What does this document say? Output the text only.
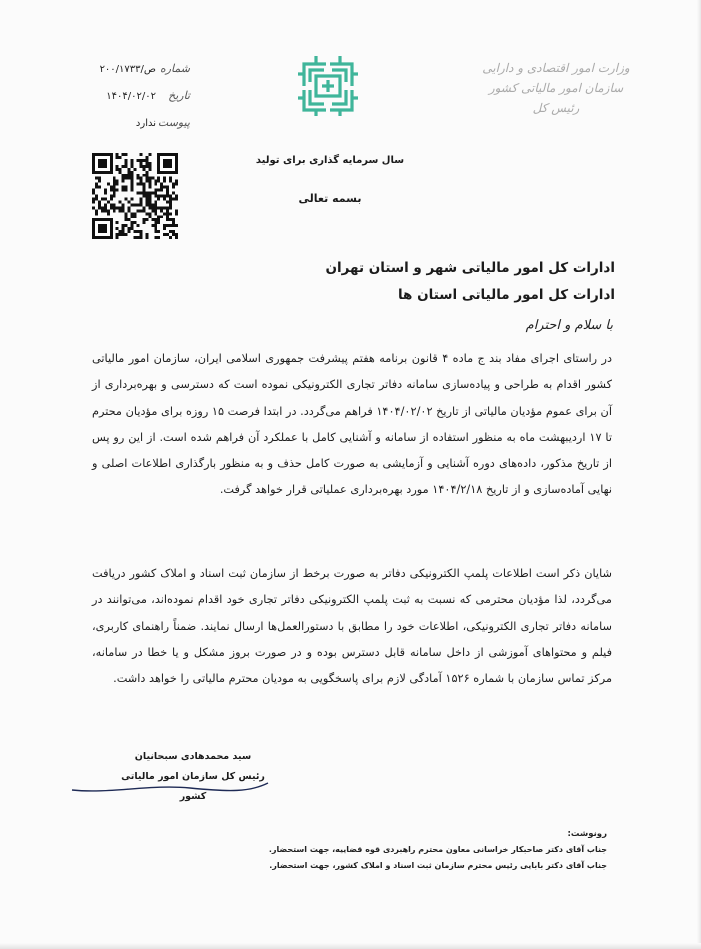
وزارت امور اقتصادی و دارایی
سازمان امور مالیاتی کشور
رئیس کل
سال سرمایه گذاری برای تولید
بسمه تعالی
شماره
۲۰۰/۱۷۳۳/ص
تاریخ
۱۴۰۴/۰۲/۰۲
پیوست
ندارد
ادارات کل امور مالیاتی شهر و استان تهران
ادارات کل امور مالیاتی استان ها
با سلام و احترام
در راستای اجرای مفاد بند ج ماده ۴ قانون برنامه هفتم پیشرفت جمهوری اسلامی ایران، سازمان امور مالیاتی کشور اقدام به طراحی و پیاده‌سازی سامانه دفاتر تجاری الکترونیکی نموده است که دسترسی و بهره‌برداری از آن برای عموم مؤدیان مالیاتی از تاریخ ۱۴۰۴/۰۲/۰۲ فراهم می‌گردد. در ابتدا فرصت ۱۵ روزه برای مؤدیان محترم تا ۱۷ اردیبهشت ماه به منظور استفاده از سامانه و آشنایی کامل با عملکرد آن فراهم شده است. از این رو پس از تاریخ مذکور، داده‌های دوره آشنایی و آزمایشی به صورت کامل حذف و به منظور بارگذاری اطلاعات اصلی و نهایی آماده‌سازی و از تاریخ ۱۴۰۴/۲/۱۸ مورد بهره‌برداری عملیاتی قرار خواهد گرفت.
شایان ذکر است اطلاعات پلمپ الکترونیکی دفاتر به صورت برخط از سازمان ثبت اسناد و املاک کشور دریافت می‌گردد، لذا مؤدیان محترمی که نسبت به ثبت پلمپ الکترونیکی دفاتر تجاری خود اقدام نموده‌اند، می‌توانند در سامانه دفاتر تجاری الکترونیکی، اطلاعات خود را مطابق با دستورالعمل‌ها ارسال نمایند. ضمناً راهنمای کاربری، فیلم و محتواهای آموزشی از داخل سامانه قابل دسترس بوده و در صورت بروز مشکل و یا خطا در سامانه، مرکز تماس سازمان با شماره ۱۵۲۶ آمادگی لازم برای پاسخگویی به مودیان محترم مالیاتی را خواهد داشت.
سید محمدهادی سبحانیان
رئیس کل سازمان امور مالیاتی کشور
رونوشت:
جناب آقای دکتر صاحبکار خراسانی معاون محترم راهبردی قوه قضاییه، جهت استحضار.
جناب آقای دکتر بابایی رئیس محترم سازمان ثبت اسناد و املاک کشور، جهت استحضار.
